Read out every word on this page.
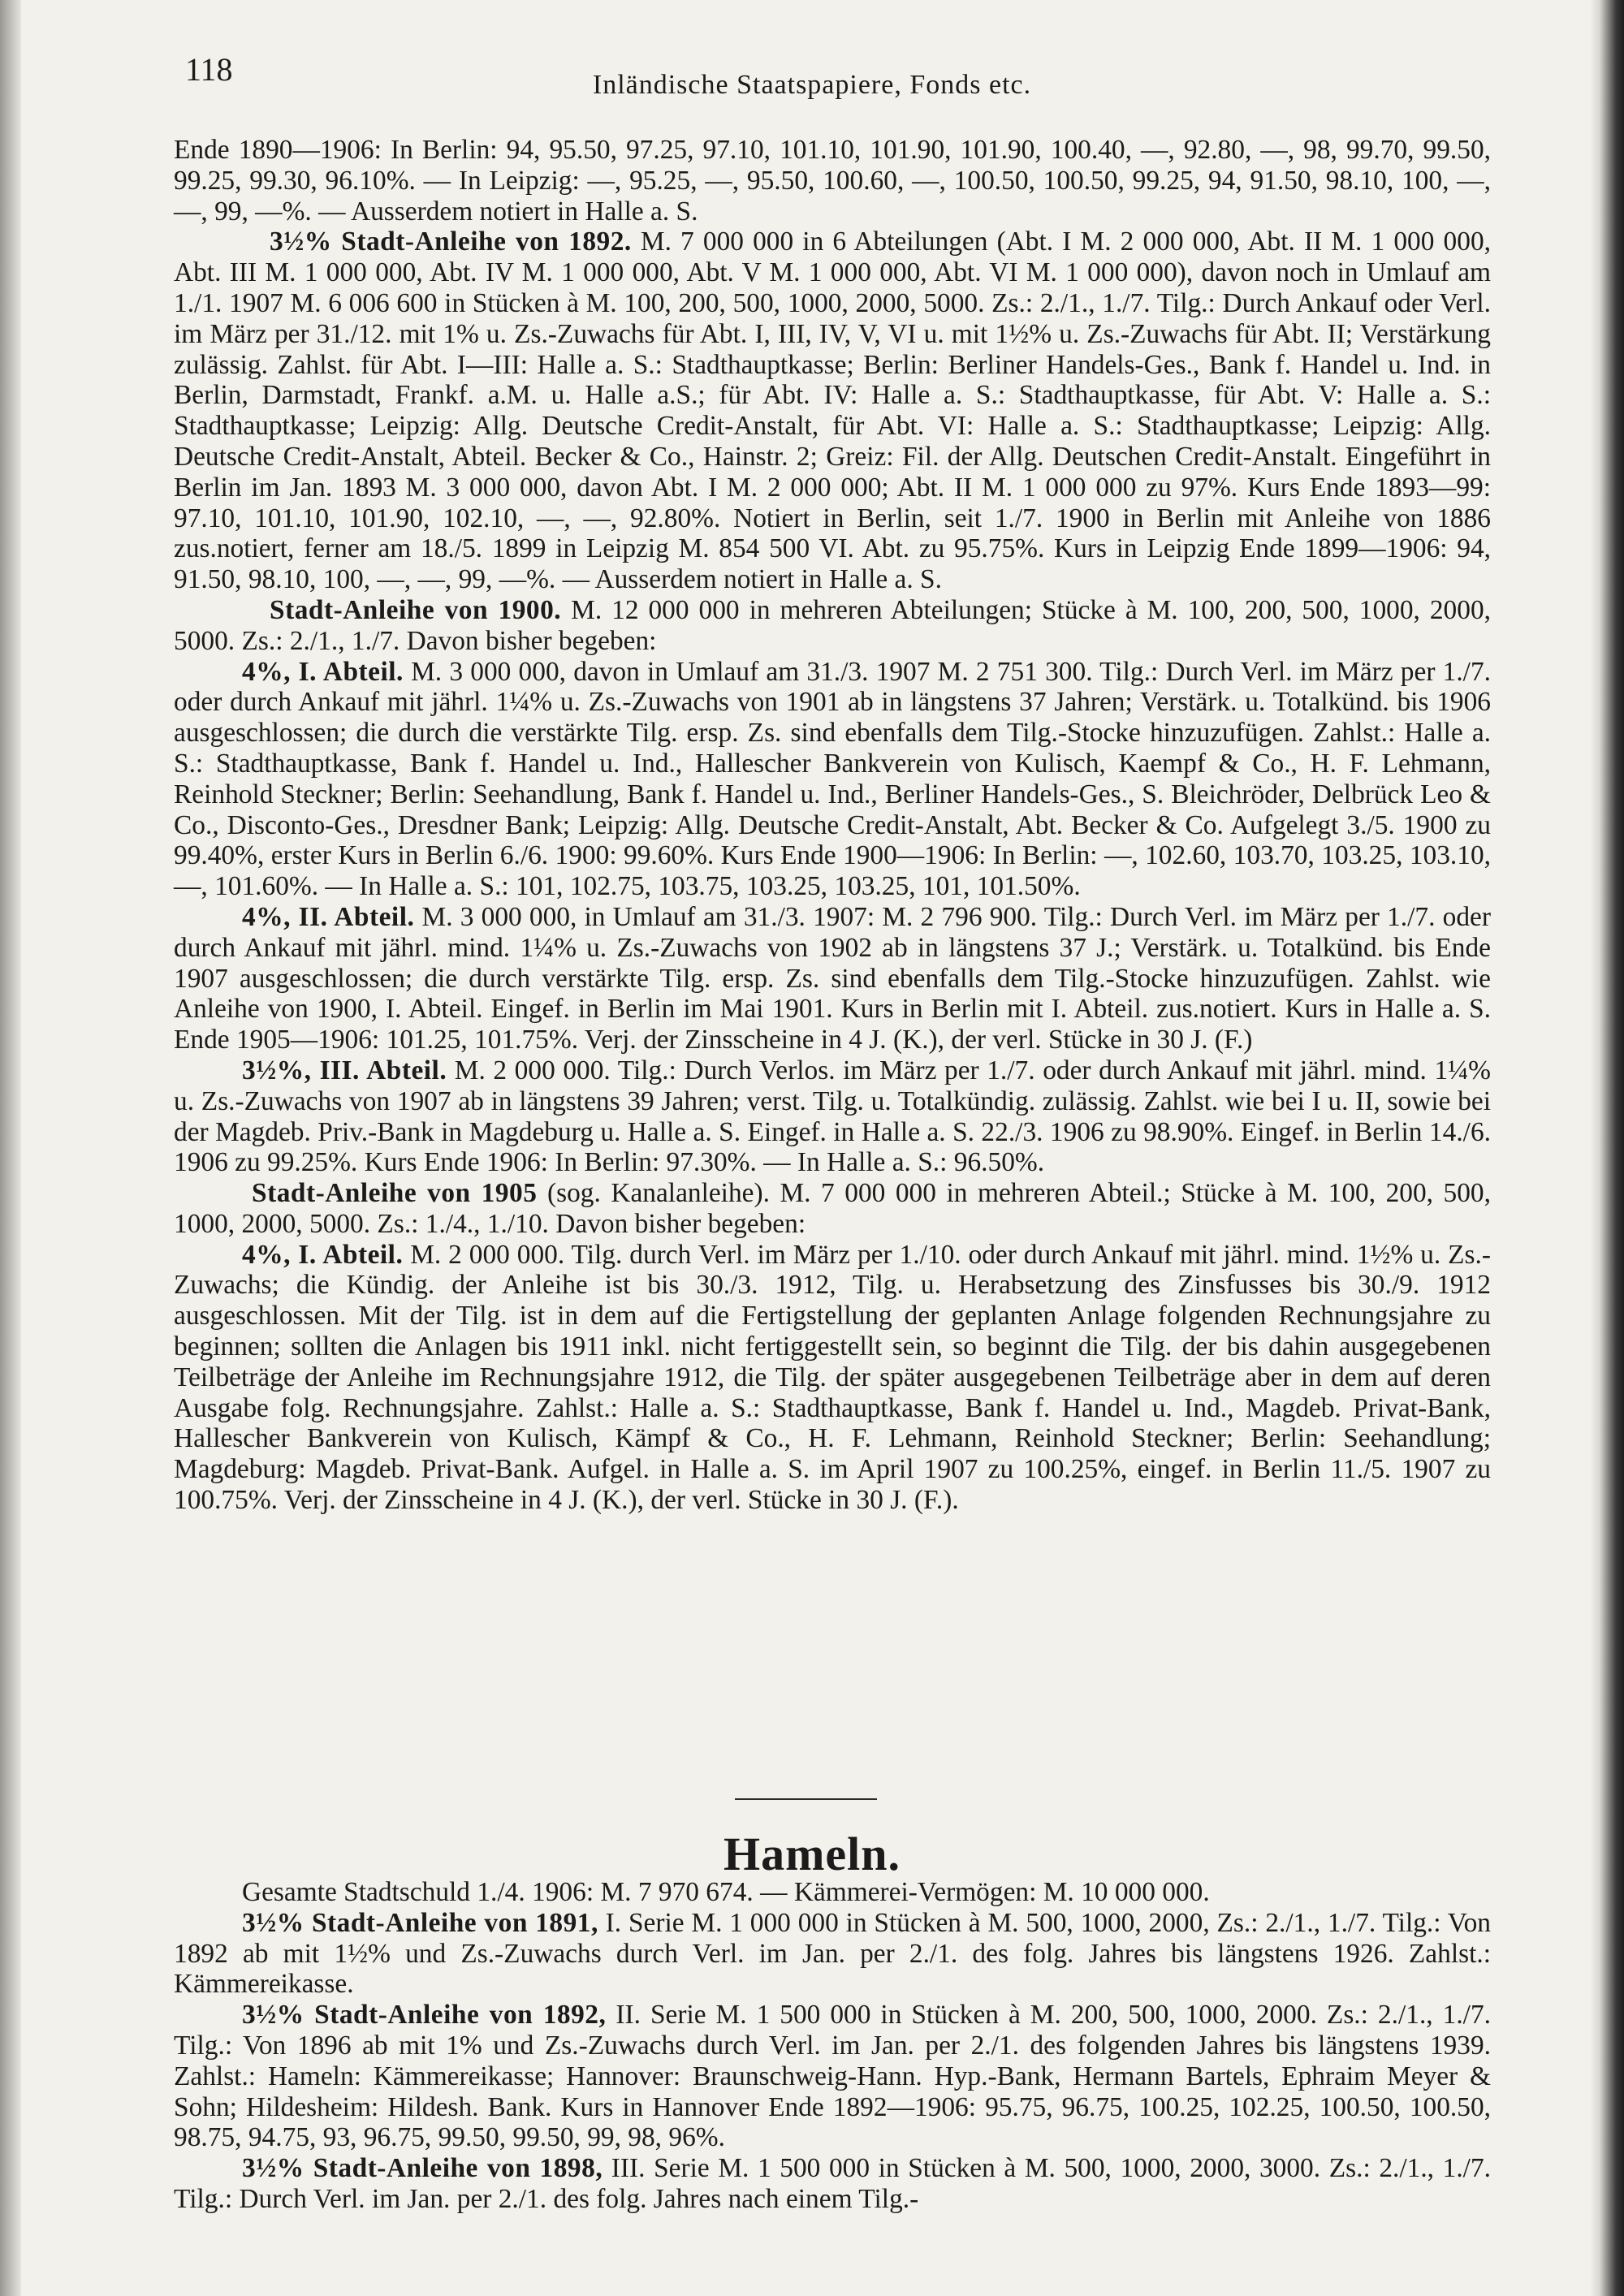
118	Inländische Staatspapiere, Fonds etc.

Ende 1890—1906: In Berlin: 94, 95.50, 97.25, 97.10, 101.10, 101.90, 101.90, 100.40, —, 92.80, —, 98, 99.70, 99.50, 99.25, 99.30, 96.10%. — In Leipzig: —, 95.25, —, 95.50, 100.60, —, 100.50, 100.50, 99.25, 94, 91.50, 98.10, 100, —, —, 99, —%. — Ausserdem notiert in Halle a. S.

3½% Stadt-Anleihe von 1892. M. 7 000 000 in 6 Abteilungen (Abt. I M. 2 000 000, Abt. II M. 1 000 000, Abt. III M. 1 000 000, Abt. IV M. 1 000 000, Abt. V M. 1 000 000, Abt. VI M. 1 000 000), davon noch in Umlauf am 1./1. 1907 M. 6 006 600 in Stücken à M. 100, 200, 500, 1000, 2000, 5000. Zs.: 2./1., 1./7. Tilg.: Durch Ankauf oder Verl. im März per 31./12. mit 1% u. Zs.-Zuwachs für Abt. I, III, IV, V, VI u. mit 1½% u. Zs.-Zuwachs für Abt. II; Verstärkung zulässig. Zahlst. für Abt. I—III: Halle a. S.: Stadthauptkasse; Berlin: Berliner Handels-Ges., Bank f. Handel u. Ind. in Berlin, Darmstadt, Frankf. a.M. u. Halle a.S.; für Abt. IV: Halle a. S.: Stadthauptkasse, für Abt. V: Halle a. S.: Stadthauptkasse; Leipzig: Allg. Deutsche Credit-Anstalt, für Abt. VI: Halle a. S.: Stadthauptkasse; Leipzig: Allg. Deutsche Credit-Anstalt, Abteil. Becker & Co., Hainstr. 2; Greiz: Fil. der Allg. Deutschen Credit-Anstalt. Eingeführt in Berlin im Jan. 1893 M. 3 000 000, davon Abt. I M. 2 000 000; Abt. II M. 1 000 000 zu 97%. Kurs Ende 1893—99: 97.10, 101.10, 101.90, 102.10, —, —, 92.80%. Notiert in Berlin, seit 1./7. 1900 in Berlin mit Anleihe von 1886 zus.notiert, ferner am 18./5. 1899 in Leipzig M. 854 500 VI. Abt. zu 95.75%. Kurs in Leipzig Ende 1899—1906: 94, 91.50, 98.10, 100, —, —, 99, —%. — Ausserdem notiert in Halle a. S.

Stadt-Anleihe von 1900. M. 12 000 000 in mehreren Abteilungen; Stücke à M. 100, 200, 500, 1000, 2000, 5000. Zs.: 2./1., 1./7. Davon bisher begeben:

4%, I. Abteil. M. 3 000 000, davon in Umlauf am 31./3. 1907 M. 2 751 300. Tilg.: Durch Verl. im März per 1./7. oder durch Ankauf mit jährl. 1¼% u. Zs.-Zuwachs von 1901 ab in längstens 37 Jahren; Verstärk. u. Totalkünd. bis 1906 ausgeschlossen; die durch die verstärkte Tilg. ersp. Zs. sind ebenfalls dem Tilg.-Stocke hinzuzufügen. Zahlst.: Halle a. S.: Stadthauptkasse, Bank f. Handel u. Ind., Hallescher Bankverein von Kulisch, Kaempf & Co., H. F. Lehmann, Reinhold Steckner; Berlin: Seehandlung, Bank f. Handel u. Ind., Berliner Handels-Ges., S. Bleichröder, Delbrück Leo & Co., Disconto-Ges., Dresdner Bank; Leipzig: Allg. Deutsche Credit-Anstalt, Abt. Becker & Co. Aufgelegt 3./5. 1900 zu 99.40%, erster Kurs in Berlin 6./6. 1900: 99.60%. Kurs Ende 1900—1906: In Berlin: —, 102.60, 103.70, 103.25, 103.10, —, 101.60%. — In Halle a. S.: 101, 102.75, 103.75, 103.25, 103.25, 101, 101.50%.

4%, II. Abteil. M. 3 000 000, in Umlauf am 31./3. 1907: M. 2 796 900. Tilg.: Durch Verl. im März per 1./7. oder durch Ankauf mit jährl. mind. 1¼% u. Zs.-Zuwachs von 1902 ab in längstens 37 J.; Verstärk. u. Totalkünd. bis Ende 1907 ausgeschlossen; die durch verstärkte Tilg. ersp. Zs. sind ebenfalls dem Tilg.-Stocke hinzuzufügen. Zahlst. wie Anleihe von 1900, I. Abteil. Eingef. in Berlin im Mai 1901. Kurs in Berlin mit I. Abteil. zus.notiert. Kurs in Halle a. S. Ende 1905—1906: 101.25, 101.75%. Verj. der Zinsscheine in 4 J. (K.), der verl. Stücke in 30 J. (F.)

3½%, III. Abteil. M. 2 000 000. Tilg.: Durch Verlos. im März per 1./7. oder durch Ankauf mit jährl. mind. 1¼% u. Zs.-Zuwachs von 1907 ab in längstens 39 Jahren; verst. Tilg. u. Totalkündig. zulässig. Zahlst. wie bei I u. II, sowie bei der Magdeb. Priv.-Bank in Magdeburg u. Halle a. S. Eingef. in Halle a. S. 22./3. 1906 zu 98.90%. Eingef. in Berlin 14./6. 1906 zu 99.25%. Kurs Ende 1906: In Berlin: 97.30%. — In Halle a. S.: 96.50%.

Stadt-Anleihe von 1905 (sog. Kanalanleihe). M. 7 000 000 in mehreren Abteil.; Stücke à M. 100, 200, 500, 1000, 2000, 5000. Zs.: 1./4., 1./10. Davon bisher begeben:

4%, I. Abteil. M. 2 000 000. Tilg. durch Verl. im März per 1./10. oder durch Ankauf mit jährl. mind. 1½% u. Zs.-Zuwachs; die Kündig. der Anleihe ist bis 30./3. 1912, Tilg. u. Herabsetzung des Zinsfusses bis 30./9. 1912 ausgeschlossen. Mit der Tilg. ist in dem auf die Fertigstellung der geplanten Anlage folgenden Rechnungsjahre zu beginnen; sollten die Anlagen bis 1911 inkl. nicht fertiggestellt sein, so beginnt die Tilg. der bis dahin ausgegebenen Teilbeträge der Anleihe im Rechnungsjahre 1912, die Tilg. der später ausgegebenen Teilbeträge aber in dem auf deren Ausgabe folg. Rechnungsjahre. Zahlst.: Halle a. S.: Stadthauptkasse, Bank f. Handel u. Ind., Magdeb. Privat-Bank, Hallescher Bankverein von Kulisch, Kämpf & Co., H. F. Lehmann, Reinhold Steckner; Berlin: Seehandlung; Magdeburg: Magdeb. Privat-Bank. Aufgel. in Halle a. S. im April 1907 zu 100.25%, eingef. in Berlin 11./5. 1907 zu 100.75%. Verj. der Zinsscheine in 4 J. (K.), der verl. Stücke in 30 J. (F.).

Hameln.

Gesamte Stadtschuld 1./4. 1906: M. 7 970 674. — Kämmerei-Vermögen: M. 10 000 000.

3½% Stadt-Anleihe von 1891, I. Serie M. 1 000 000 in Stücken à M. 500, 1000, 2000, Zs.: 2./1., 1./7. Tilg.: Von 1892 ab mit 1½% und Zs.-Zuwachs durch Verl. im Jan. per 2./1. des folg. Jahres bis längstens 1926. Zahlst.: Kämmereikasse.

3½% Stadt-Anleihe von 1892, II. Serie M. 1 500 000 in Stücken à M. 200, 500, 1000, 2000. Zs.: 2./1., 1./7. Tilg.: Von 1896 ab mit 1% und Zs.-Zuwachs durch Verl. im Jan. per 2./1. des folgenden Jahres bis längstens 1939. Zahlst.: Hameln: Kämmereikasse; Hannover: Braunschweig-Hann. Hyp.-Bank, Hermann Bartels, Ephraim Meyer & Sohn; Hildesheim: Hildesh. Bank. Kurs in Hannover Ende 1892—1906: 95.75, 96.75, 100.25, 102.25, 100.50, 100.50, 98.75, 94.75, 93, 96.75, 99.50, 99.50, 99, 98, 96%.

3½% Stadt-Anleihe von 1898, III. Serie M. 1 500 000 in Stücken à M. 500, 1000, 2000, 3000. Zs.: 2./1., 1./7. Tilg.: Durch Verl. im Jan. per 2./1. des folg. Jahres nach einem Tilg.-
